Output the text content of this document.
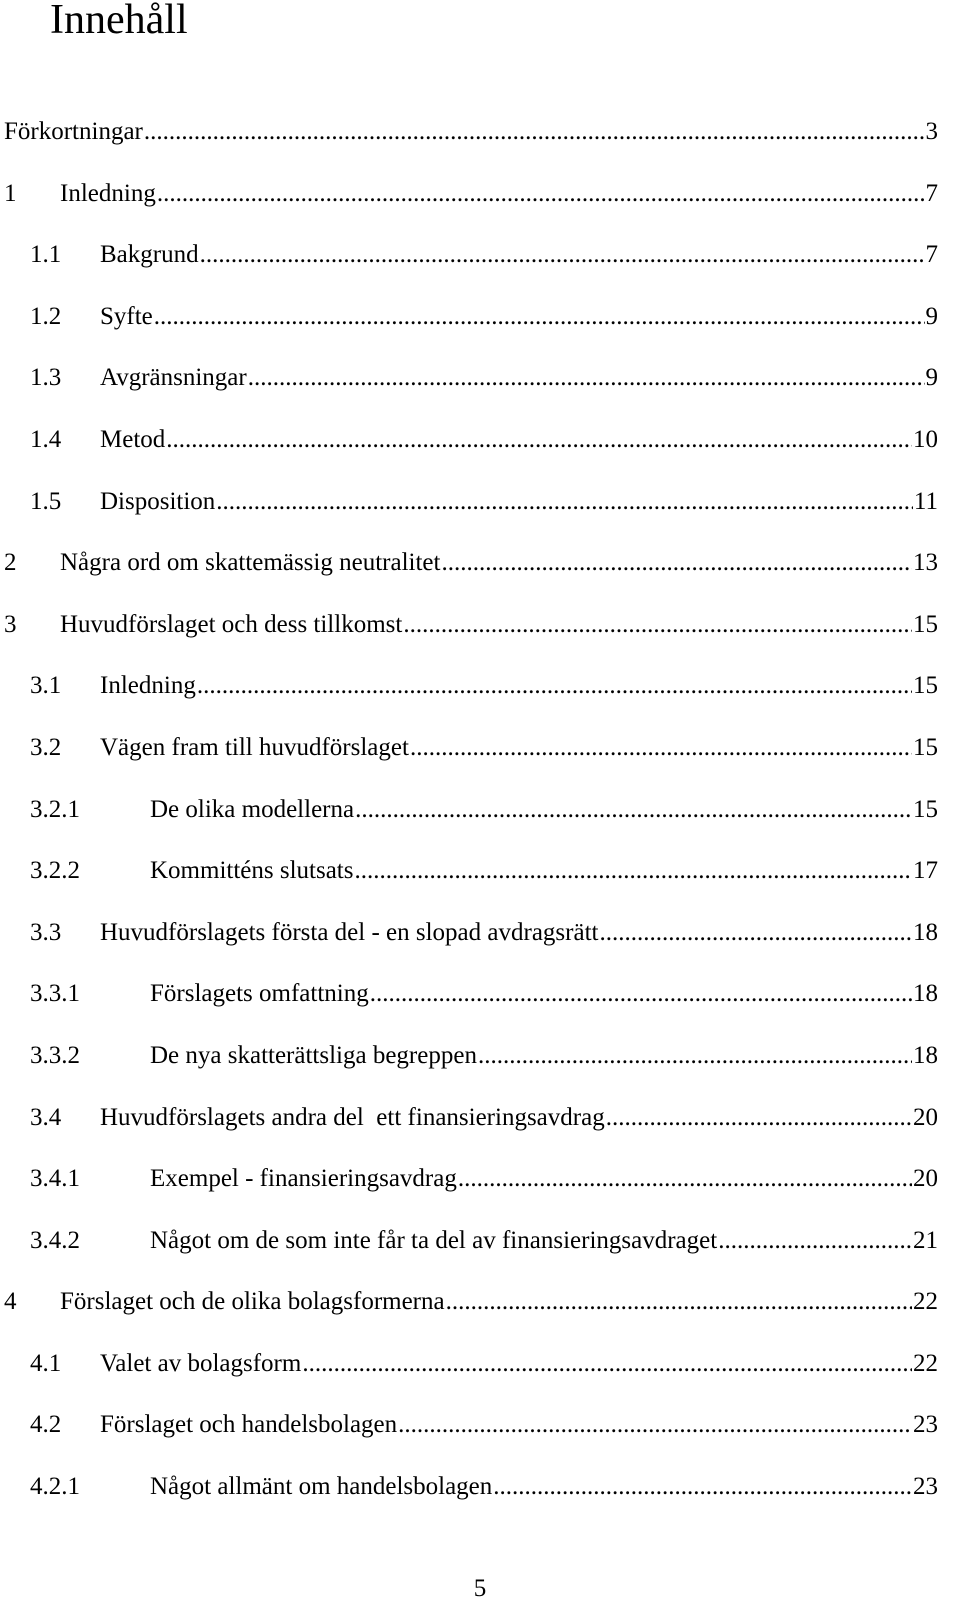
Innehåll
Förkortningar .....	3
1 Inledning .....	7
1.1 Bakgrund .....	7
1.2 Syfte .....	9
1.3 Avgränsningar .....	9
1.4 Metod .....	10
1.5 Disposition .....	11
2 Några ord om skattemässig neutralitet .....	13
3 Huvudförslaget och dess tillkomst .....	15
3.1 Inledning .....	15
3.2 Vägen fram till huvudförslaget .....	15
3.2.1	De olika modellerna .....	15
3.2.2	Kommitténs slutsats .....	17
3.3 Huvudförslagets första del - en slopad avdragsrätt .....	18
3.3.1	Förslagets omfattning .....	18
3.3.2	De nya skatterättsliga begreppen .....	18
3.4 Huvudförslagets andra del  ett finansieringsavdrag .....	20
3.4.1	Exempel - finansieringsavdrag .....	20
3.4.2	Något om de som inte får ta del av finansieringsavdraget .....	21
4 Förslaget och de olika bolagsformerna .....	22
4.1 Valet av bolagsform .....	22
4.2 Förslaget och handelsbolagen .....	23
4.2.1	Något allmänt om handelsbolagen .....	23
5
